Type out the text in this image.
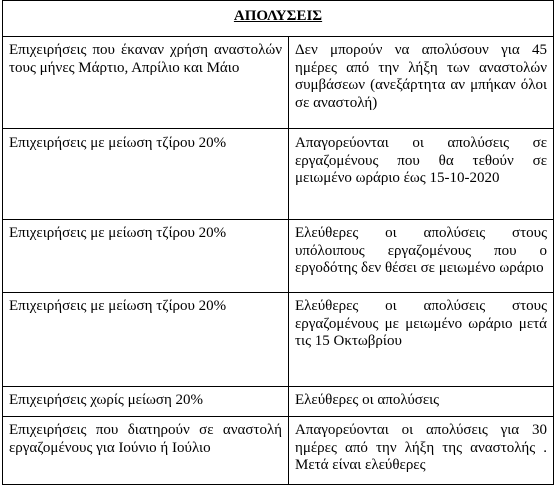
ΑΠΟΛΥΣΕΙΣ	
Επιχειρήσεις που έκαναν χρήση αναστολών τους μήνες Μάρτιο, Απρίλιο και Μάιο	Δεν μπορούν να απολύσουν για 45 ημέρες από την λήξη των αναστολών συμβάσεων (ανεξάρτητα αν μπήκαν όλοι σε αναστολή)
Επιχειρήσεις με μείωση τζίρου 20%	Απαγορεύονται οι απολύσεις σε εργαζομένους που θα τεθούν σε μειωμένο ωράριο έως 15-10-2020
Επιχειρήσεις με μείωση τζίρου 20%	Ελεύθερες οι απολύσεις στους υπόλοιπους εργαζομένους που ο εργοδότης δεν θέσει σε μειωμένο ωράριο
Επιχειρήσεις με μείωση τζίρου 20%	Ελεύθερες οι απολύσεις στους εργαζομένους με μειωμένο ωράριο μετά τις 15 Οκτωβρίου
Επιχειρήσεις χωρίς μείωση 20%	Ελεύθερες οι απολύσεις
Επιχειρήσεις που διατηρούν σε αναστολή εργαζομένους για Ιούνιο ή Ιούλιο	Απαγορεύονται οι απολύσεις για 30 ημέρες από την λήξη της αναστολής . Μετά είναι ελεύθερες
